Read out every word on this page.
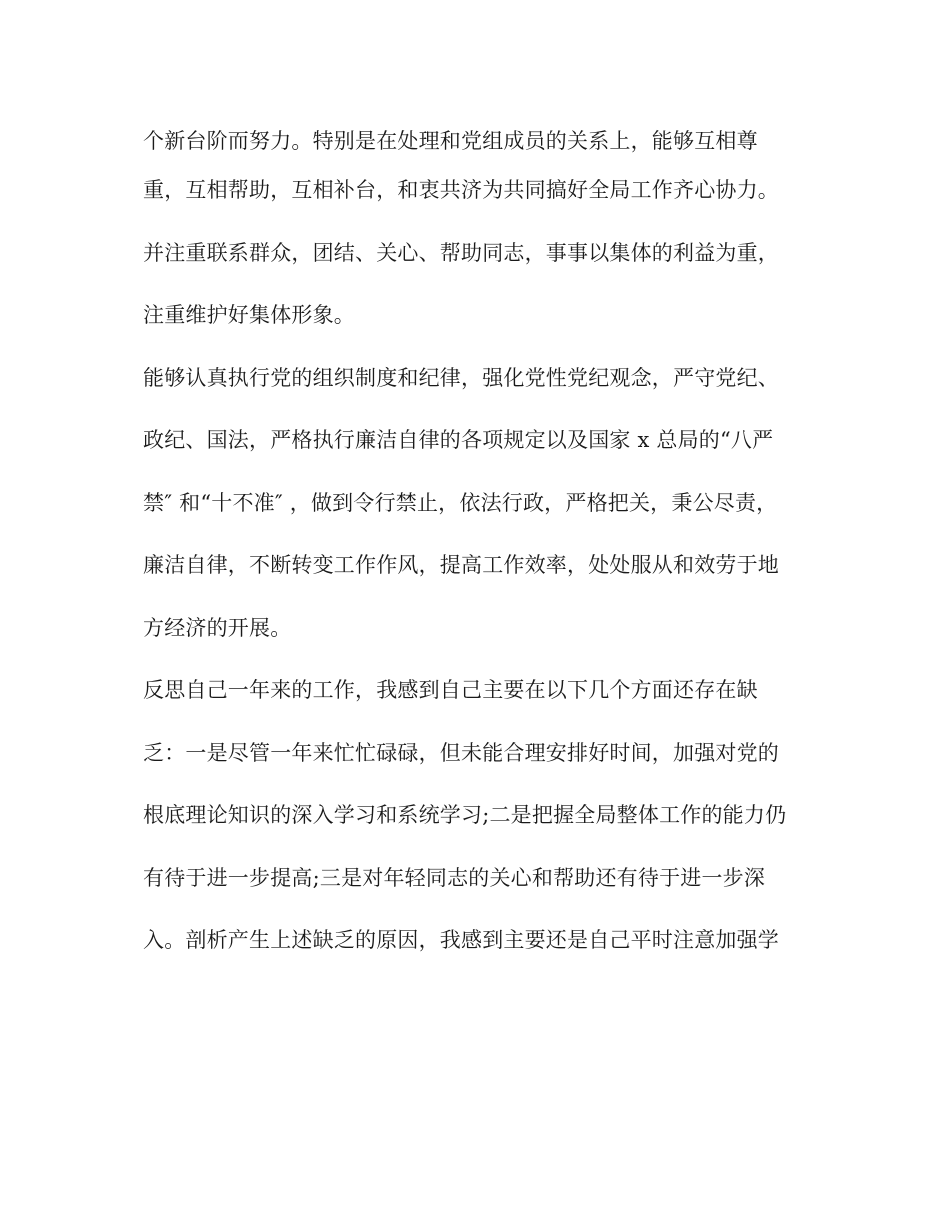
个新台阶而努力。特别是在处理和党组成员的关系上，能够互相尊
重，互相帮助，互相补台，和衷共济为共同搞好全局工作齐心协力。
并注重联系群众，团结、关心、帮助同志，事事以集体的利益为重，
注重维护好集体形象。
能够认真执行党的组织制度和纪律，强化党性党纪观念，严守党纪、
政纪、国法，严格执行廉洁自律的各项规定以及国家 x 总局的“八严
禁″ 和“十不准″ ，做到令行禁止，依法行政，严格把关，秉公尽责，
廉洁自律，不断转变工作作风，提高工作效率，处处服从和效劳于地
方经济的开展。
反思自己一年来的工作，我感到自己主要在以下几个方面还存在缺
乏：一是尽管一年来忙忙碌碌，但未能合理安排好时间，加强对党的
根底理论知识的深入学习和系统学习;二是把握全局整体工作的能力仍
有待于进一步提高;三是对年轻同志的关心和帮助还有待于进一步深
入。剖析产生上述缺乏的原因，我感到主要还是自己平时注意加强学
